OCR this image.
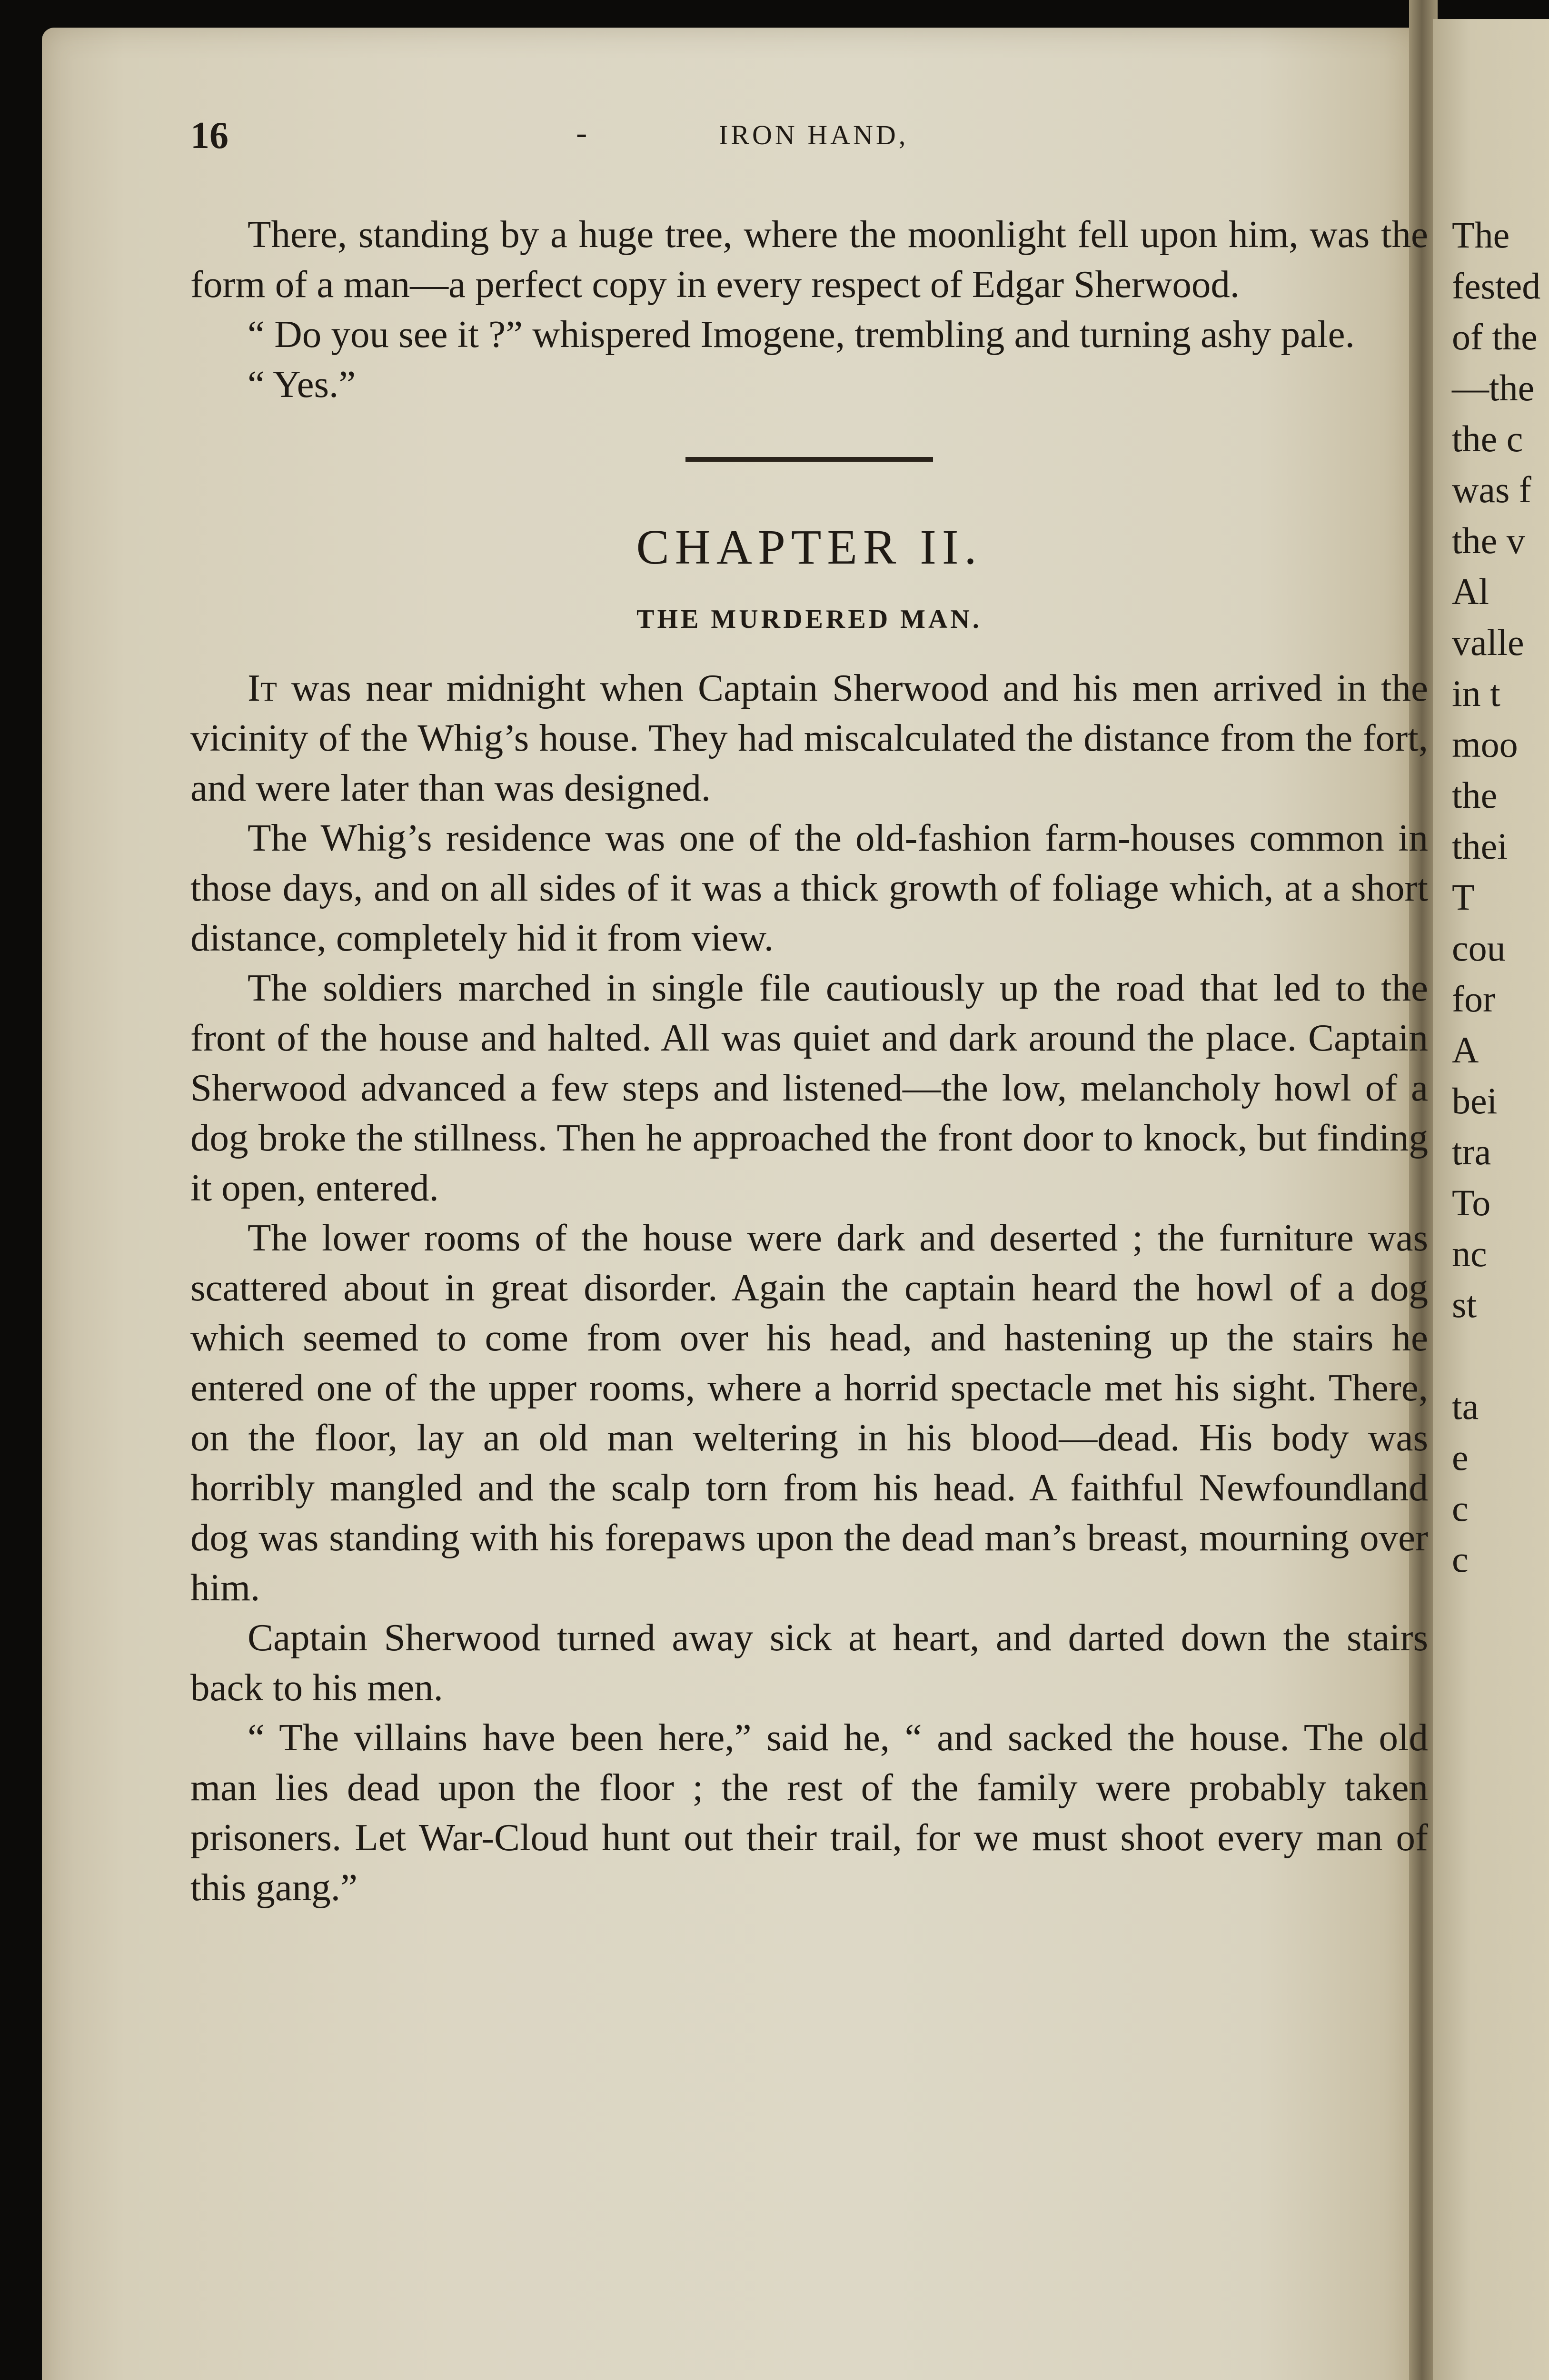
The

fested

of the

—the

the c

was f

the v

Al

valle

in t

moo

the

thei

T

cou

for

A

bei

tra

To

nc

st

ta

e

c

c

16	-	IRON HAND,

There, standing by a huge tree, where the moonlight fell upon him, was the form of a man—a perfect copy in every respect of Edgar Sherwood.

“ Do you see it ?” whispered Imogene, trembling and turning ashy pale.

“ Yes.”

CHAPTER II.
THE MURDERED MAN.

It was near midnight when Captain Sherwood and his men arrived in the vicinity of the Whig’s house. They had miscalculated the distance from the fort, and were later than was designed.

The Whig’s residence was one of the old-fashion farm-houses common in those days, and on all sides of it was a thick growth of foliage which, at a short distance, completely hid it from view.

The soldiers marched in single file cautiously up the road that led to the front of the house and halted. All was quiet and dark around the place. Captain Sherwood advanced a few steps and listened—the low, melancholy howl of a dog broke the stillness. Then he approached the front door to knock, but finding it open, entered.

The lower rooms of the house were dark and deserted ; the furniture was scattered about in great disorder. Again the captain heard the howl of a dog which seemed to come from over his head, and hastening up the stairs he entered one of the upper rooms, where a horrid spectacle met his sight. There, on the floor, lay an old man weltering in his blood—dead. His body was horribly mangled and the scalp torn from his head. A faithful Newfoundland dog was standing with his forepaws upon the dead man’s breast, mourning over him.

Captain Sherwood turned away sick at heart, and darted down the stairs back to his men.

“ The villains have been here,” said he, “ and sacked the house. The old man lies dead upon the floor ; the rest of the family were probably taken prisoners. Let War-Cloud hunt out their trail, for we must shoot every man of this gang.”
